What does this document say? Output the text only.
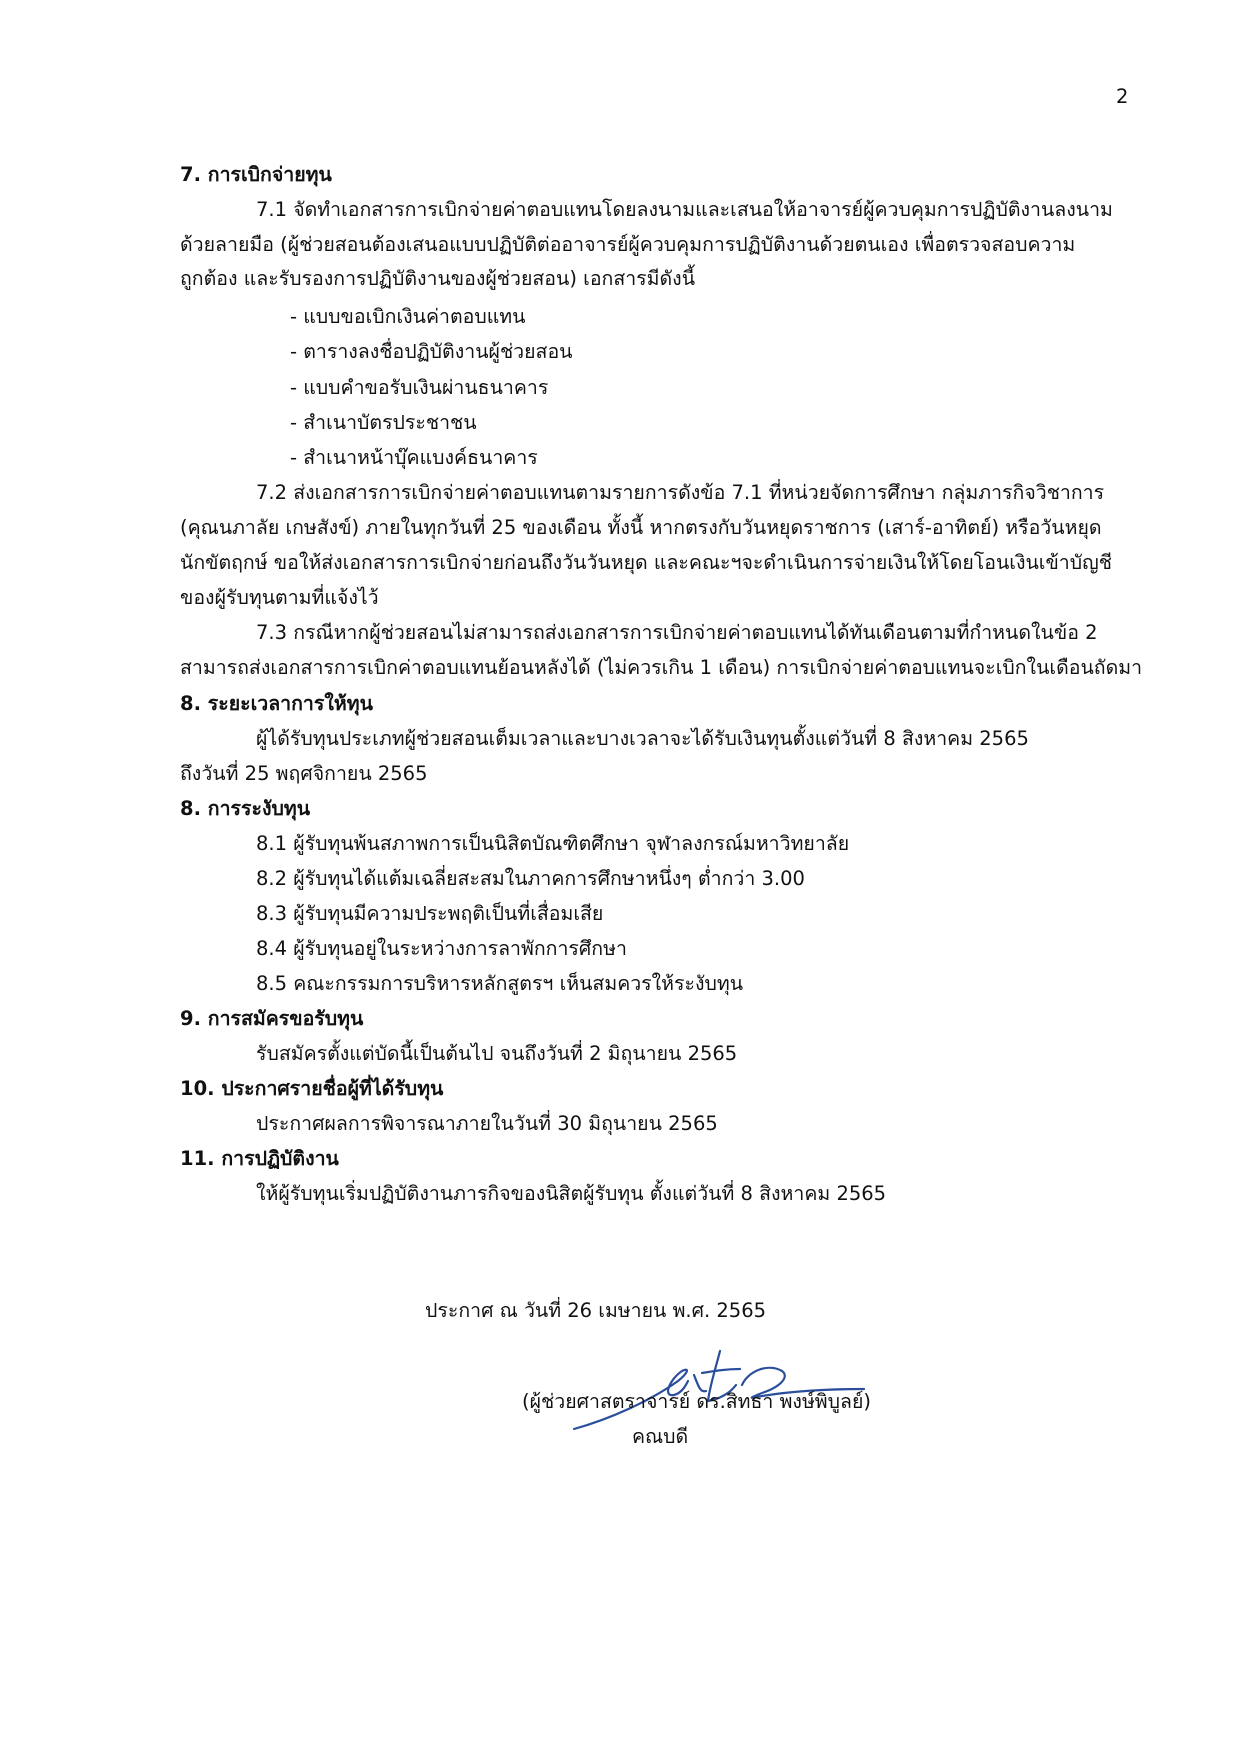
2
7. การเบิกจ่ายทุน
7.1 จัดทำเอกสารการเบิกจ่ายค่าตอบแทนโดยลงนามและเสนอให้อาจารย์ผู้ควบคุมการปฏิบัติงานลงนาม
ด้วยลายมือ (ผู้ช่วยสอนต้องเสนอแบบปฏิบัติต่ออาจารย์ผู้ควบคุมการปฏิบัติงานด้วยตนเอง เพื่อตรวจสอบความ
ถูกต้อง และรับรองการปฏิบัติงานของผู้ช่วยสอน) เอกสารมีดังนี้
- แบบขอเบิกเงินค่าตอบแทน
- ตารางลงชื่อปฏิบัติงานผู้ช่วยสอน
- แบบคำขอรับเงินผ่านธนาคาร
- สำเนาบัตรประชาชน
- สำเนาหน้าบุ๊คแบงค์ธนาคาร
7.2 ส่งเอกสารการเบิกจ่ายค่าตอบแทนตามรายการดังข้อ 7.1 ที่หน่วยจัดการศึกษา กลุ่มภารกิจวิชาการ
(คุณนภาลัย เกษสังข์) ภายในทุกวันที่ 25 ของเดือน ทั้งนี้ หากตรงกับวันหยุดราชการ (เสาร์-อาทิตย์) หรือวันหยุด
นักขัตฤกษ์ ขอให้ส่งเอกสารการเบิกจ่ายก่อนถึงวันวันหยุด และคณะฯจะดำเนินการจ่ายเงินให้โดยโอนเงินเข้าบัญชี
ของผู้รับทุนตามที่แจ้งไว้
7.3 กรณีหากผู้ช่วยสอนไม่สามารถส่งเอกสารการเบิกจ่ายค่าตอบแทนได้ทันเดือนตามที่กำหนดในข้อ 2
สามารถส่งเอกสารการเบิกค่าตอบแทนย้อนหลังได้ (ไม่ควรเกิน 1 เดือน) การเบิกจ่ายค่าตอบแทนจะเบิกในเดือนถัดมา
8. ระยะเวลาการให้ทุน
ผู้ได้รับทุนประเภทผู้ช่วยสอนเต็มเวลาและบางเวลาจะได้รับเงินทุนตั้งแต่วันที่ 8 สิงหาคม 2565
ถึงวันที่ 25 พฤศจิกายน 2565
8. การระงับทุน
8.1 ผู้รับทุนพ้นสภาพการเป็นนิสิตบัณฑิตศึกษา จุฬาลงกรณ์มหาวิทยาลัย
8.2 ผู้รับทุนได้แต้มเฉลี่ยสะสมในภาคการศึกษาหนึ่งๆ ต่ำกว่า 3.00
8.3 ผู้รับทุนมีความประพฤติเป็นที่เสื่อมเสีย
8.4 ผู้รับทุนอยู่ในระหว่างการลาพักการศึกษา
8.5 คณะกรรมการบริหารหลักสูตรฯ เห็นสมควรให้ระงับทุน
9. การสมัครขอรับทุน
รับสมัครตั้งแต่บัดนี้เป็นต้นไป จนถึงวันที่ 2 มิถุนายน 2565
10. ประกาศรายชื่อผู้ที่ได้รับทุน
ประกาศผลการพิจารณาภายในวันที่ 30 มิถุนายน 2565
11. การปฏิบัติงาน
ให้ผู้รับทุนเริ่มปฏิบัติงานภารกิจของนิสิตผู้รับทุน ตั้งแต่วันที่ 8 สิงหาคม 2565
ประกาศ ณ วันที่ 26 เมษายน พ.ศ. 2565
(ผู้ช่วยศาสตราจารย์ ดร.สิทธา พงษ์พิบูลย์)
คณบดี
